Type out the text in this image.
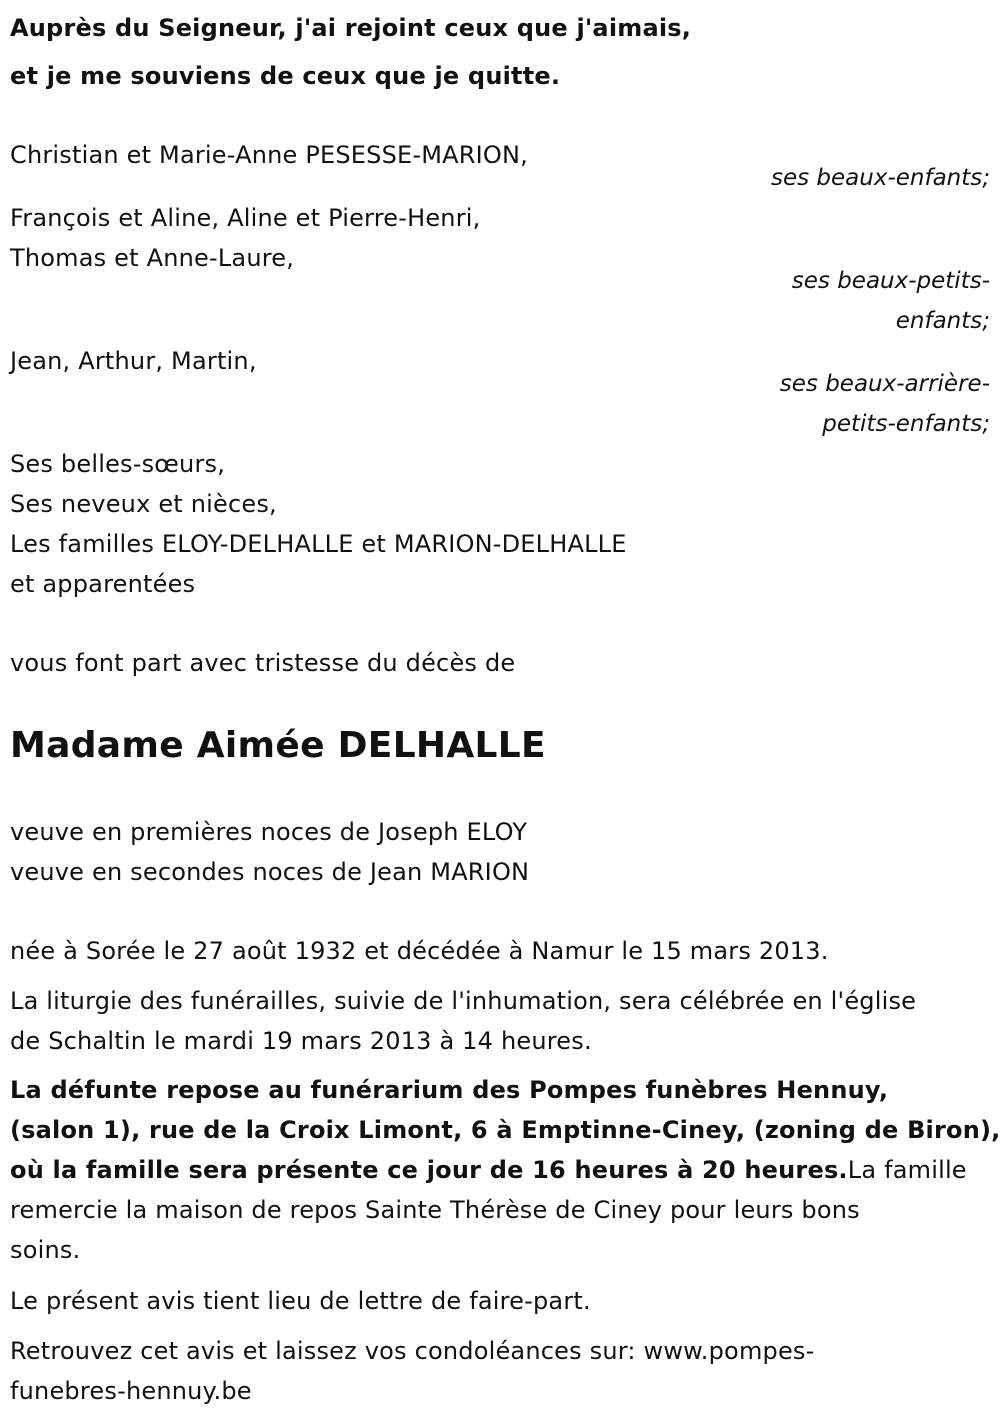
Auprès du Seigneur, j'ai rejoint ceux que j'aimais,
et je me souviens de ceux que je quitte.
Christian et Marie-Anne PESESSE-MARION,
ses beaux-enfants;
François et Aline, Aline et Pierre-Henri,
Thomas et Anne-Laure,
ses beaux-petits-
enfants;
Jean, Arthur, Martin,
ses beaux-arrière-
petits-enfants;
Ses belles-sœurs,
Ses neveux et nièces,
Les familles ELOY-DELHALLE et MARION-DELHALLE
et apparentées
vous font part avec tristesse du décès de
Madame Aimée DELHALLE
veuve en premières noces de Joseph ELOY
veuve en secondes noces de Jean MARION
née à Sorée le 27 août 1932 et décédée à Namur le 15 mars 2013.
La liturgie des funérailles, suivie de l'inhumation, sera célébrée en l'église
de Schaltin le mardi 19 mars 2013 à 14 heures.
La défunte repose au funérarium des Pompes funèbres Hennuy,
(salon 1), rue de la Croix Limont, 6 à Emptinne-Ciney, (zoning de Biron),
où la famille sera présente ce jour de 16 heures à 20 heures.La famille
remercie la maison de repos Sainte Thérèse de Ciney pour leurs bons
soins.
Le présent avis tient lieu de lettre de faire-part.
Retrouvez cet avis et laissez vos condoléances sur: www.pompes-
funebres-hennuy.be
